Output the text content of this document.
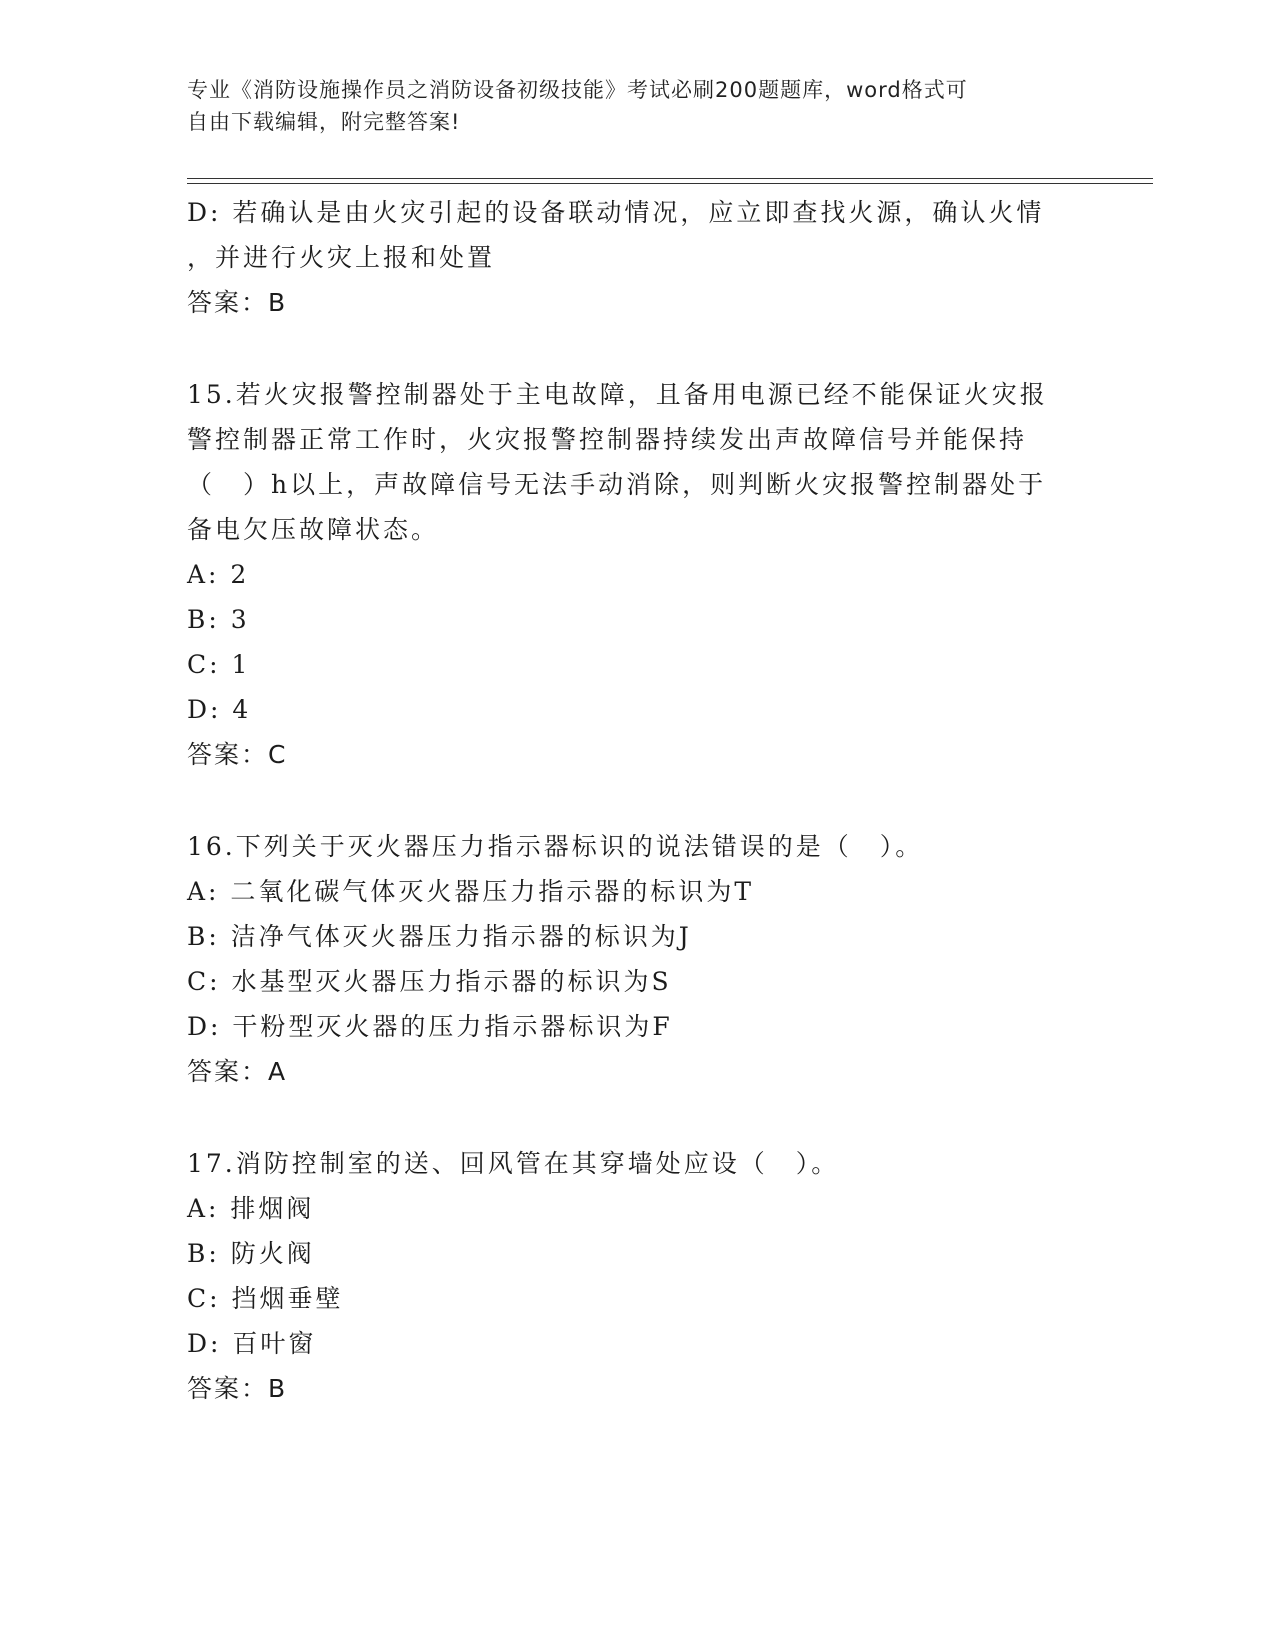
专业《消防设施操作员之消防设备初级技能》考试必刷200题题库，word格式可
自由下载编辑，附完整答案!
D: 若确认是由火灾引起的设备联动情况，应立即查找火源，确认火情
，并进行火灾上报和处置
答案：B
15.若火灾报警控制器处于主电故障，且备用电源已经不能保证火灾报
警控制器正常工作时，火灾报警控制器持续发出声故障信号并能保持
（　）h以上，声故障信号无法手动消除，则判断火灾报警控制器处于
备电欠压故障状态。
A: 2
B: 3
C: 1
D: 4
答案：C
16.下列关于灭火器压力指示器标识的说法错误的是（　）。
A: 二氧化碳气体灭火器压力指示器的标识为T
B: 洁净气体灭火器压力指示器的标识为J
C: 水基型灭火器压力指示器的标识为S
D: 干粉型灭火器的压力指示器标识为F
答案：A
17.消防控制室的送、回风管在其穿墙处应设（　）。
A: 排烟阀
B: 防火阀
C: 挡烟垂壁
D: 百叶窗
答案：B
